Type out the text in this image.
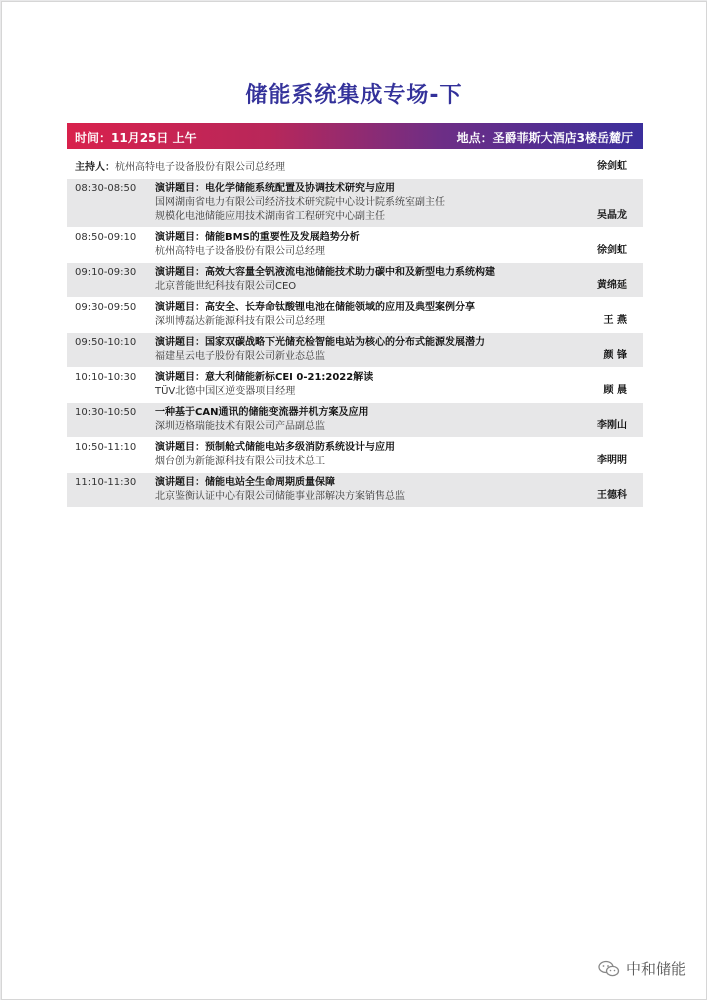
储能系统集成专场-下
时间：11月25日 上午	地点：圣爵菲斯大酒店3楼岳麓厅
主持人：杭州高特电子设备股份有限公司总经理	徐剑虹
08:30-08:50 演讲题目：电化学储能系统配置及协调技术研究与应用
国网湖南省电力有限公司经济技术研究院中心设计院系统室副主任
规模化电池储能应用技术湖南省工程研究中心副主任	吴晶龙
08:50-09:10 演讲题目：储能BMS的重要性及发展趋势分析
杭州高特电子设备股份有限公司总经理	徐剑虹
09:10-09:30 演讲题目：高效大容量全钒液流电池储能技术助力碳中和及新型电力系统构建
北京普能世纪科技有限公司CEO	黄绵延
09:30-09:50 演讲题目：高安全、长寿命钛酸锂电池在储能领域的应用及典型案例分享
深圳博磊达新能源科技有限公司总经理	王 燕
09:50-10:10 演讲题目：国家双碳战略下光储充检智能电站为核心的分布式能源发展潜力
福建星云电子股份有限公司新业态总监	颜 锋
10:10-10:30 演讲题目：意大利储能新标CEI 0-21:2022解读
TÜV北德中国区逆变器项目经理	顾 晨
10:30-10:50 一种基于CAN通讯的储能变流器并机方案及应用
深圳迈格瑞能技术有限公司产品副总监	李刚山
10:50-11:10 演讲题目：预制舱式储能电站多级消防系统设计与应用
烟台创为新能源科技有限公司技术总工	李明明
11:10-11:30 演讲题目：储能电站全生命周期质量保障
北京鉴衡认证中心有限公司储能事业部解决方案销售总监	王德科
中和储能
